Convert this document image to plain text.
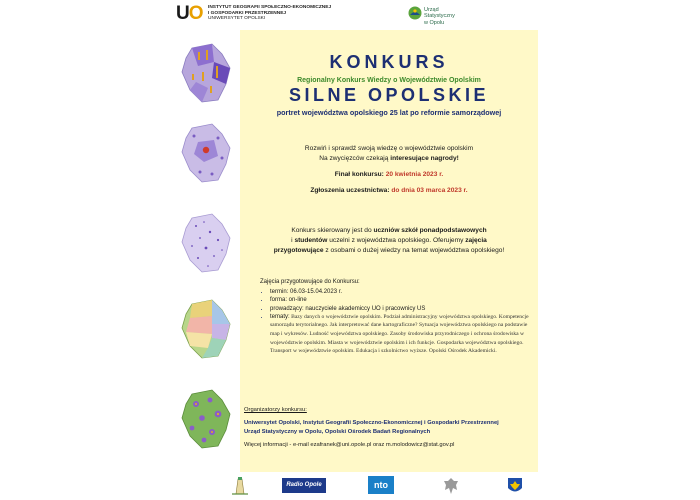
UO INSTYTUT GEOGRAFII SPOŁECZNO-EKONOMICZNEJ
I GOSPODARKI PRZESTRZENNEJ
UNIWERSYTET OPOLSKI
Urząd Statystyczny
w Opolu
KONKURS
Regionalny Konkurs Wiedzy o Województwie Opolskim
SILNE OPOLSKIE
portret województwa opolskiego 25 lat po reformie samorządowej
Rozwiń i sprawdź swoją wiedzę o województwie opolskim
Na zwycięzców czekają interesujące nagrody!
Finał konkursu: 20 kwietnia 2023 r.
Zgłoszenia uczestnictwa: do dnia 03 marca 2023 r.
Konkurs skierowany jest do uczniów szkół ponadpodstawowych
i studentów uczelni z województwa opolskiego. Oferujemy zajęcia
przygotowujące z osobami o dużej wiedzy na temat województwa opolskiego!
Zajęcia przygotowujące do Konkursu:
• termin: 06.03-15.04.2023 r.
• forma: on-line
• prowadzący: nauczyciele akademiccy UO i pracownicy US
• tematy: Bazy danych o województwie opolskim. Podział administracyjny województwa opolskiego. Kompetencje samorządu terytorialnego. Jak interpretować dane kartograficzne? Sytuacja województwa opolskiego na podstawie map i wykresów. Ludność województwa opolskiego. Zasoby środowiska przyrodniczego i ochrona środowiska w województwie opolskim. Miasta w województwie opolskim i ich funkcje. Gospodarka województwa opolskiego. Transport w województwie opolskim. Edukacja i szkolnictwo wyższe. Opolski Ośrodek Akademicki.
Organizatorzy konkursu:
Uniwersytet Opolski, Instytut Geografii Społeczno-Ekonomicznej i Gospodarki Przestrzennej
Urząd Statystyczny w Opolu, Opolski Ośrodek Badań Regionalnych
Więcej informacji - e-mail ezafranek@uni.opole.pl oraz m.molodowicz@stat.gov.pl
Radio Opole	nto
